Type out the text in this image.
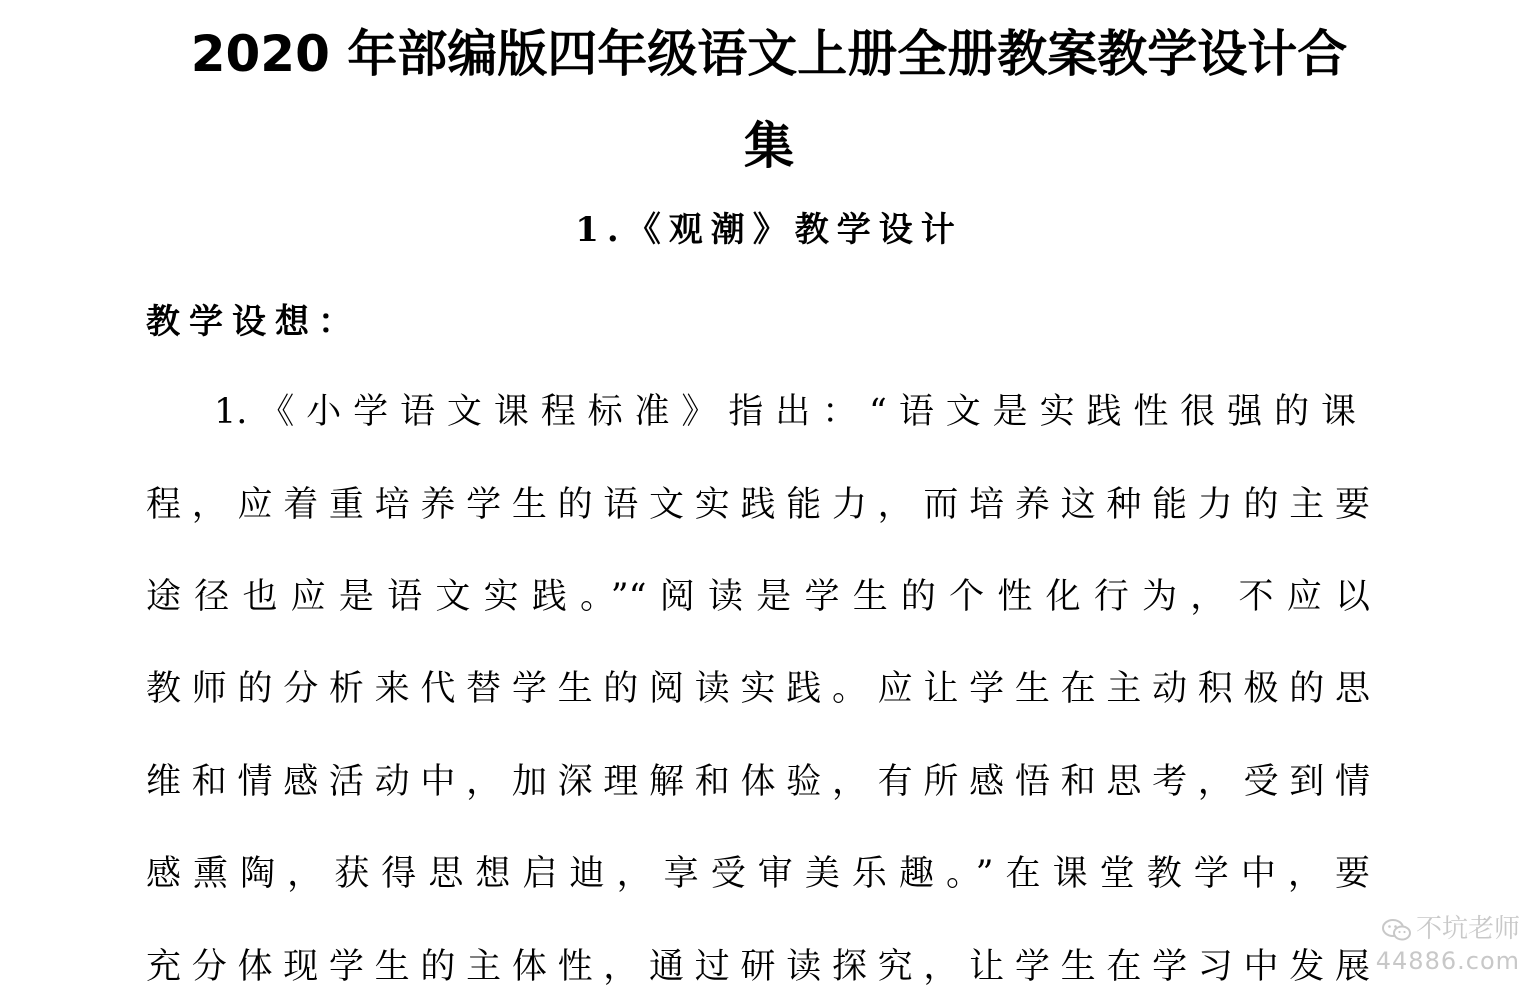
2020 年部编版四年级语文上册全册教案教学设计合
集
1.《观潮》教学设计
教学设想：

1.《小学语文课程标准》指出：“语文是实践性很强的课

程，应着重培养学生的语文实践能力，而培养这种能力的主要

途径也应是语文实践。”“阅读是学生的个性化行为，不应以

教师的分析来代替学生的阅读实践。应让学生在主动积极的思

维和情感活动中，加深理解和体验，有所感悟和思考，受到情

感熏陶，获得思想启迪，享受审美乐趣。”在课堂教学中，要

充分体现学生的主体性，通过研读探究，让学生在学习中发展

不坑老师
44886.com
